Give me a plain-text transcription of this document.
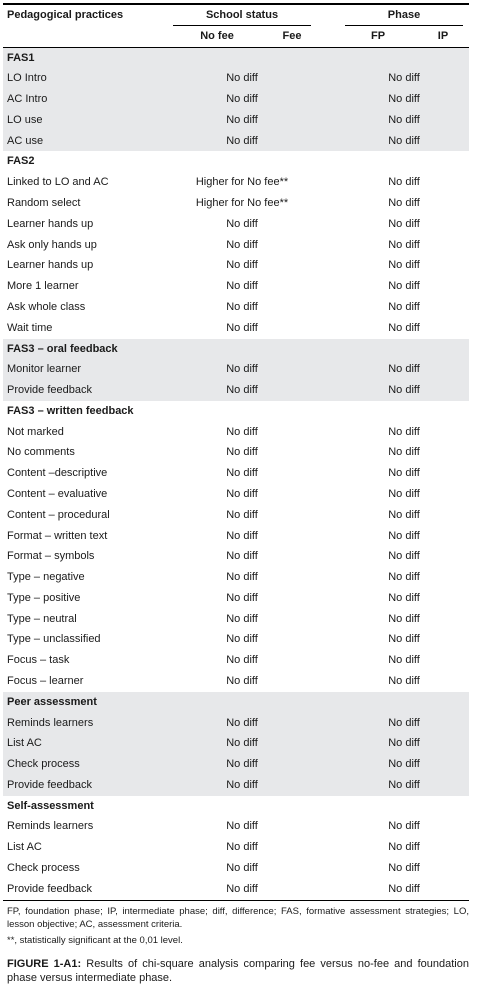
Pedagogical practices	School status			Phase	
	No fee	Fee		FP	IP
FAS1					
LO Intro	No diff			No diff	
AC Intro	No diff			No diff	
LO use	No diff			No diff	
AC use	No diff			No diff	
FAS2					
Linked to LO and AC	Higher for No fee**			No diff	
Random select	Higher for No fee**			No diff	
Learner hands up	No diff			No diff	
Ask only hands up	No diff			No diff	
Learner hands up	No diff			No diff	
More 1 learner	No diff			No diff	
Ask whole class	No diff			No diff	
Wait time	No diff			No diff	
FAS3 – oral feedback					
Monitor learner	No diff			No diff	
Provide feedback	No diff			No diff	
FAS3 – written feedback					
Not marked	No diff			No diff	
No comments	No diff			No diff	
Content –descriptive	No diff			No diff	
Content – evaluative	No diff			No diff	
Content – procedural	No diff			No diff	
Format – written text	No diff			No diff	
Format – symbols	No diff			No diff	
Type – negative	No diff			No diff	
Type – positive	No diff			No diff	
Type – neutral	No diff			No diff	
Type – unclassified	No diff			No diff	
Focus – task	No diff			No diff	
Focus – learner	No diff			No diff	
Peer assessment					
Reminds learners	No diff			No diff	
List AC	No diff			No diff	
Check process	No diff			No diff	
Provide feedback	No diff			No diff	
Self-assessment					
Reminds learners	No diff			No diff	
List AC	No diff			No diff	
Check process	No diff			No diff	
Provide feedback	No diff			No diff	
FP, foundation phase; IP, intermediate phase; diff, difference; FAS, formative assessment strategies; LO, lesson objective; AC, assessment criteria.
**, statistically significant at the 0,01 level.
FIGURE 1-A1: Results of chi-square analysis comparing fee versus no-fee and foundation phase versus intermediate phase.
